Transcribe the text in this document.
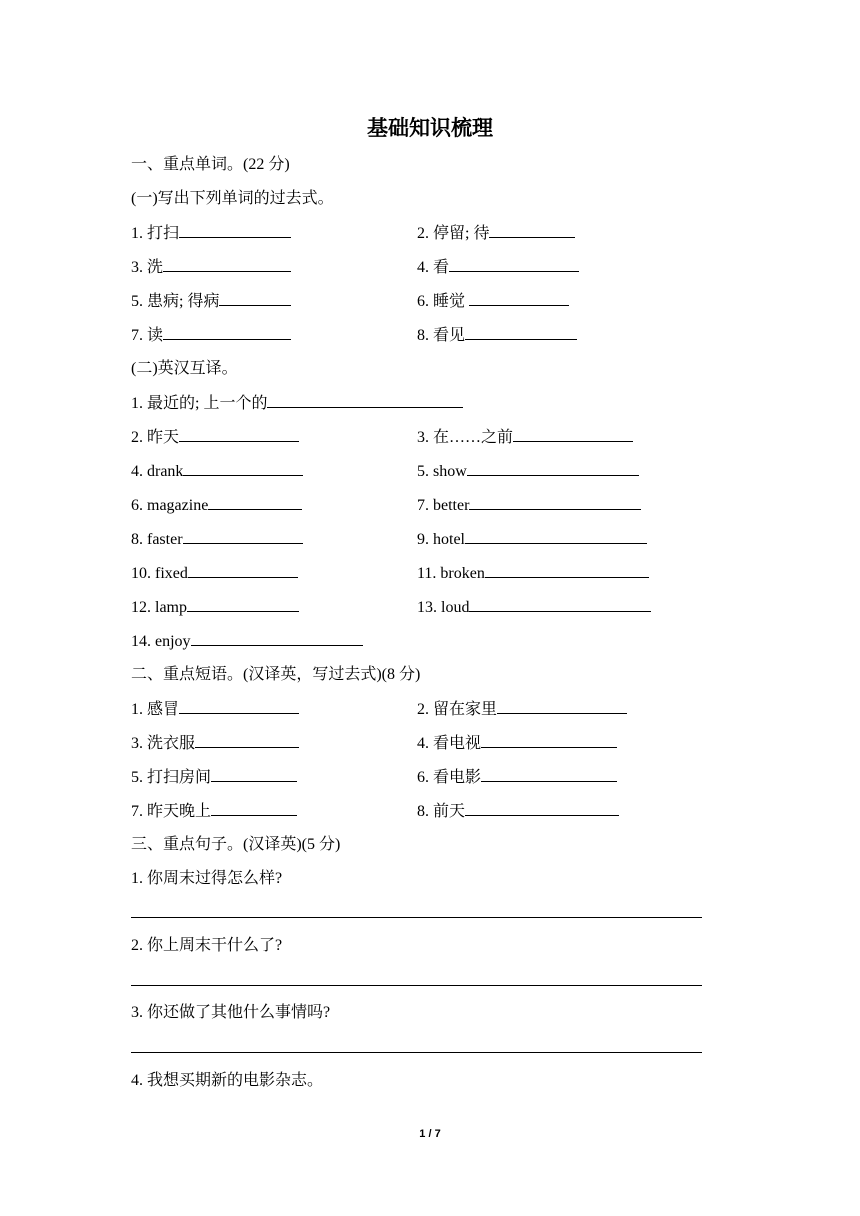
基础知识梳理
一、重点单词。(22 分)
(一)写出下列单词的过去式。
1. 打扫	2. 停留; 待
3. 洗	4. 看
5. 患病; 得病	6. 睡觉
7. 读	8. 看见
(二)英汉互译。
1. 最近的; 上一个的
2. 昨天	3. 在……之前
4. drank	5. show
6. magazine	7. better
8. faster	9. hotel
10. fixed	11. broken
12. lamp	13. loud
14. enjoy
二、重点短语。(汉译英，写过去式)(8 分)
1. 感冒	2. 留在家里
3. 洗衣服	4. 看电视
5. 打扫房间	6. 看电影
7. 昨天晚上	8. 前天
三、重点句子。(汉译英)(5 分)
1. 你周末过得怎么样?
2. 你上周末干什么了?
3. 你还做了其他什么事情吗?
4. 我想买期新的电影杂志。
1 / 7
